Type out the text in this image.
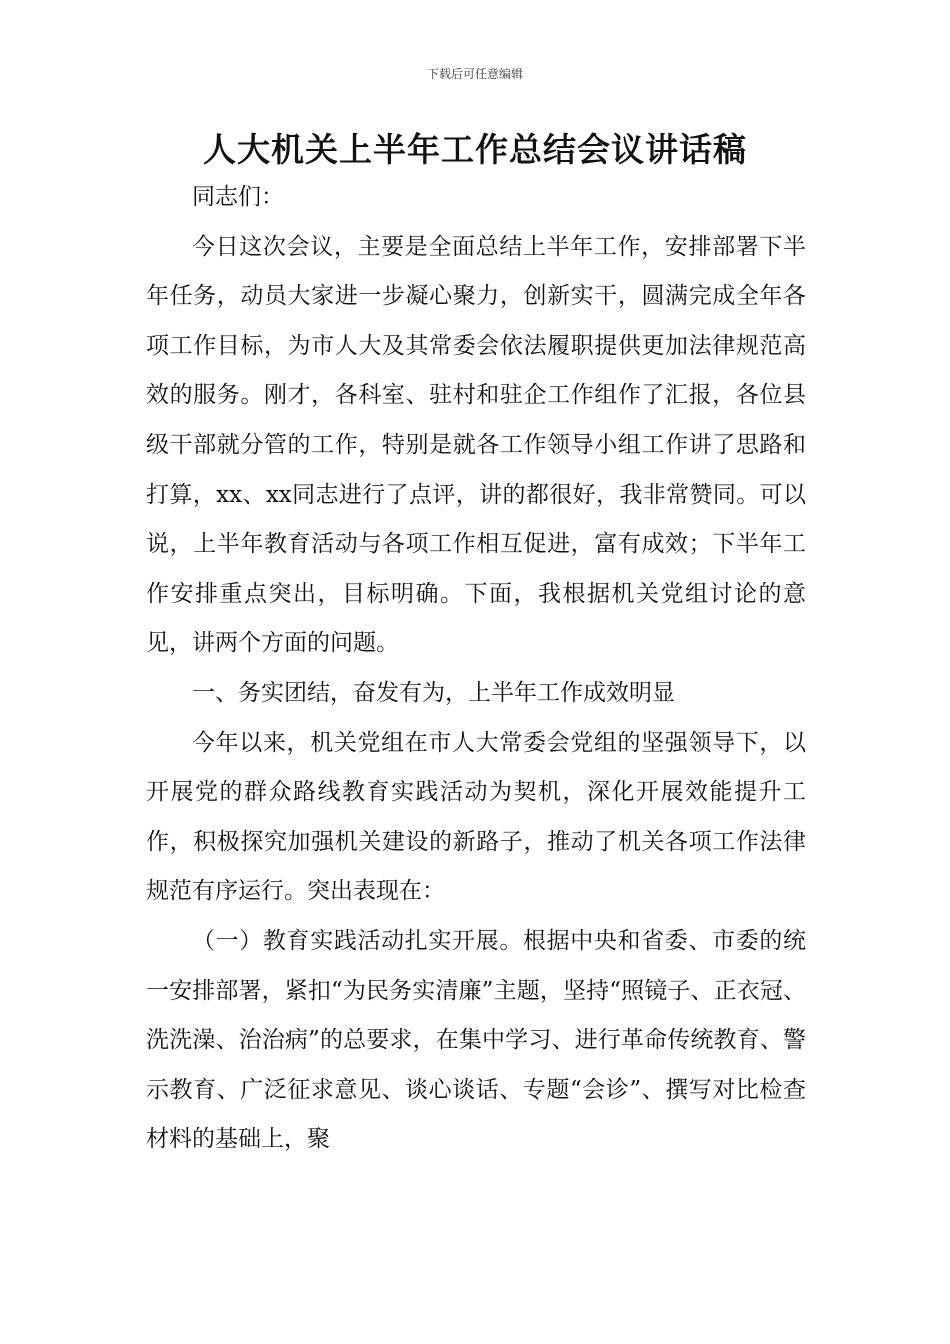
下载后可任意编辑
人大机关上半年工作总结会议讲话稿

同志们：

今日这次会议，主要是全面总结上半年工作，安排部署下半年任务，动员大家进一步凝心聚力，创新实干，圆满完成全年各项工作目标，为市人大及其常委会依法履职提供更加法律规范高效的服务。刚才，各科室、驻村和驻企工作组作了汇报，各位县级干部就分管的工作，特别是就各工作领导小组工作讲了思路和打算，xx、xx同志进行了点评，讲的都很好，我非常赞同。可以说，上半年教育活动与各项工作相互促进，富有成效；下半年工作安排重点突出，目标明确。下面，我根据机关党组讨论的意见，讲两个方面的问题。

一、务实团结，奋发有为，上半年工作成效明显

今年以来，机关党组在市人大常委会党组的坚强领导下，以开展党的群众路线教育实践活动为契机，深化开展效能提升工作，积极探究加强机关建设的新路子，推动了机关各项工作法律规范有序运行。突出表现在：

（一）教育实践活动扎实开展。根据中央和省委、市委的统一安排部署，紧扣“为民务实清廉”主题，坚持“照镜子、正衣冠、洗洗澡、治治病”的总要求，在集中学习、进行革命传统教育、警示教育、广泛征求意见、谈心谈话、专题“会诊”、撰写对比检查材料的基础上，聚
